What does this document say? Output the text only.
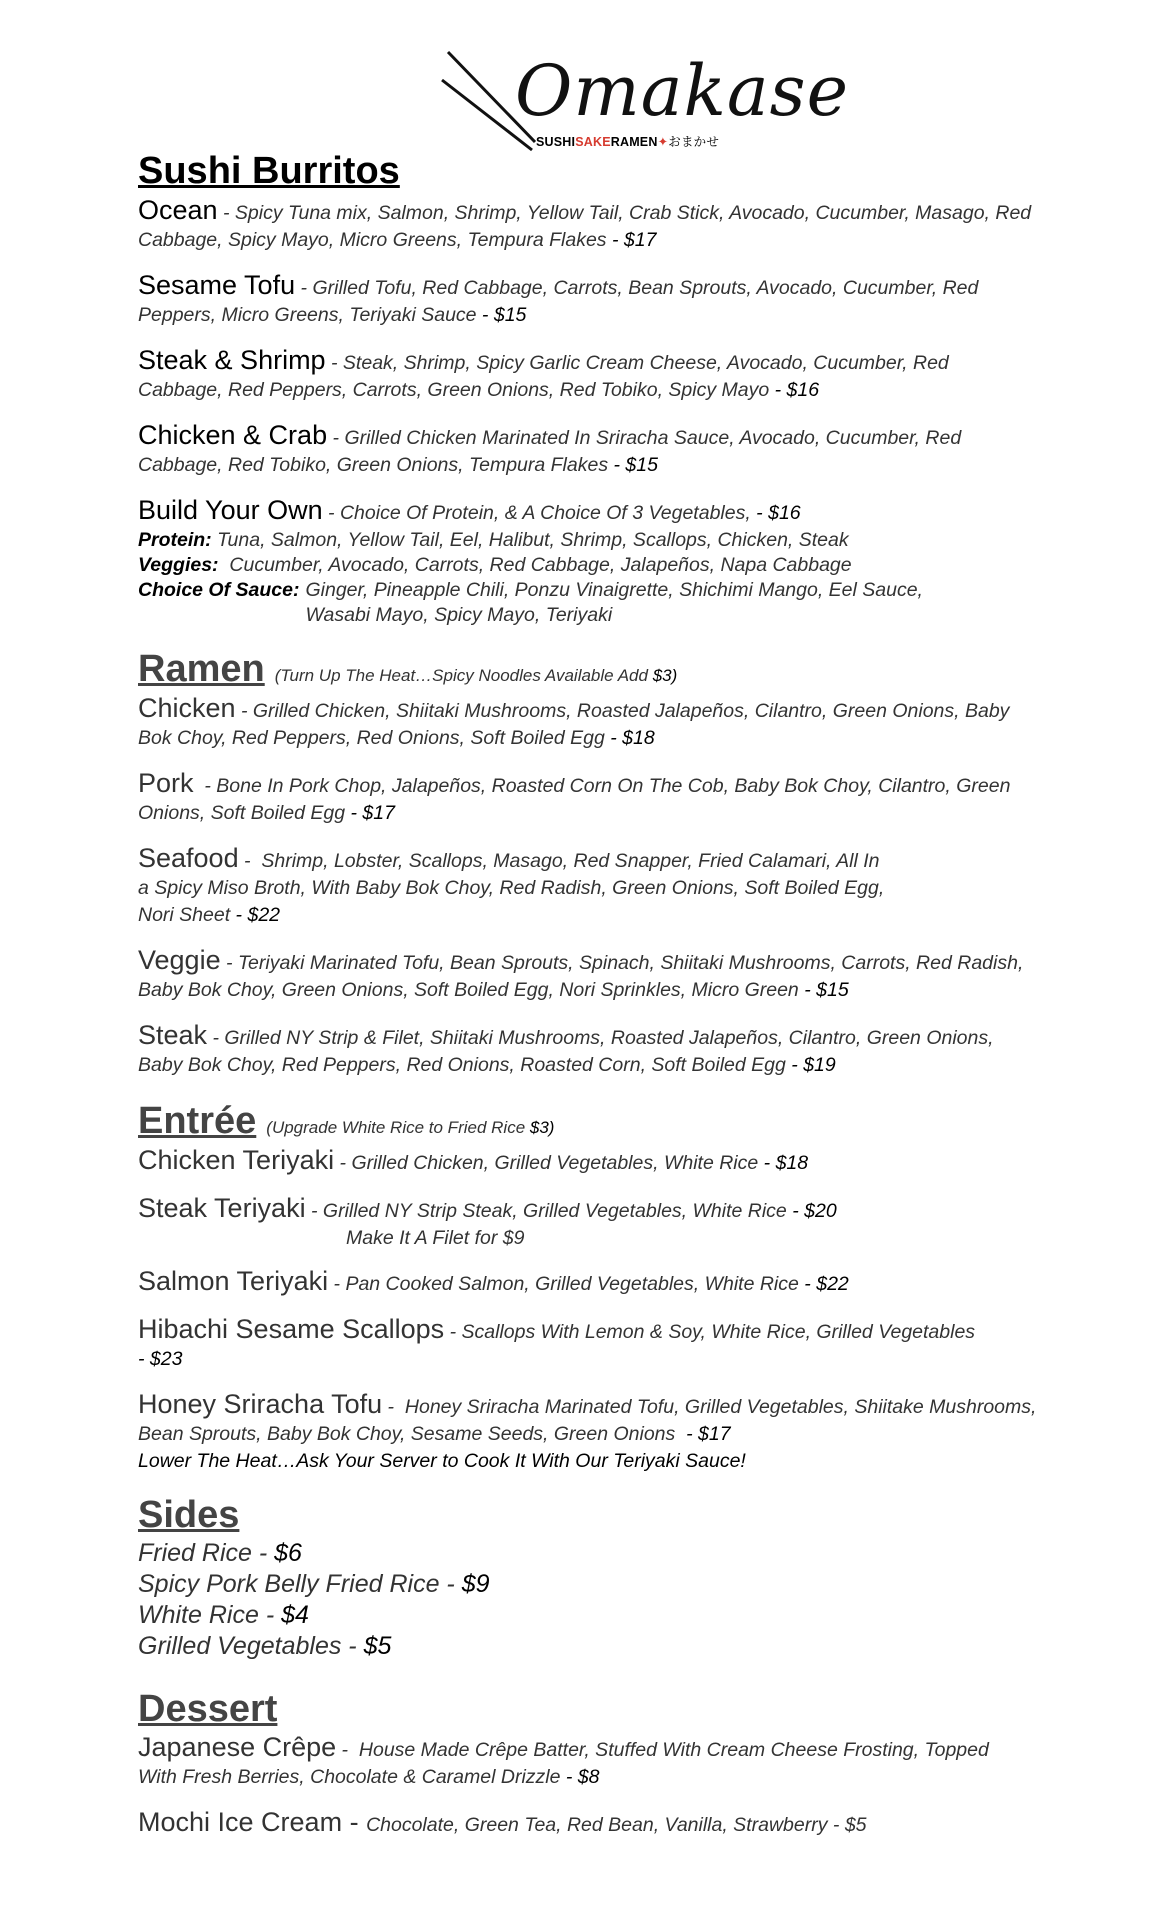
Omakase
SUSHISAKERAMEN✦おまかせ
Sushi Burritos
Ocean - Spicy Tuna mix, Salmon, Shrimp, Yellow Tail, Crab Stick, Avocado, Cucumber, Masago, Red Cabbage, Spicy Mayo, Micro Greens, Tempura Flakes - $17
Sesame Tofu - Grilled Tofu, Red Cabbage, Carrots, Bean Sprouts, Avocado, Cucumber, Red Peppers, Micro Greens, Teriyaki Sauce - $15
Steak & Shrimp - Steak, Shrimp, Spicy Garlic Cream Cheese, Avocado, Cucumber, Red Cabbage, Red Peppers, Carrots, Green Onions, Red Tobiko, Spicy Mayo - $16
Chicken & Crab - Grilled Chicken Marinated In Sriracha Sauce, Avocado, Cucumber, Red Cabbage, Red Tobiko, Green Onions, Tempura Flakes - $15
Build Your Own - Choice Of Protein, & A Choice Of 3 Vegetables, - $16
Protein: Tuna, Salmon, Yellow Tail, Eel, Halibut, Shrimp, Scallops, Chicken, Steak
Veggies: Cucumber, Avocado, Carrots, Red Cabbage, Jalapeños, Napa Cabbage
Choice Of Sauce: Ginger, Pineapple Chili, Ponzu Vinaigrette, Shichimi Mango, Eel Sauce,
Wasabi Mayo, Spicy Mayo, Teriyaki
Ramen (Turn Up The Heat…Spicy Noodles Available Add $3)
Chicken - Grilled Chicken, Shiitaki Mushrooms, Roasted Jalapeños, Cilantro, Green Onions, Baby Bok Choy, Red Peppers, Red Onions, Soft Boiled Egg - $18
Pork  - Bone In Pork Chop, Jalapeños, Roasted Corn On The Cob, Baby Bok Choy, Cilantro, Green Onions, Soft Boiled Egg - $17
Seafood -  Shrimp, Lobster, Scallops, Masago, Red Snapper, Fried Calamari, All In a Spicy Miso Broth, With Baby Bok Choy, Red Radish, Green Onions, Soft Boiled Egg,
Nori Sheet - $22
Veggie - Teriyaki Marinated Tofu, Bean Sprouts, Spinach, Shiitaki Mushrooms, Carrots, Red Radish, Baby Bok Choy, Green Onions, Soft Boiled Egg, Nori Sprinkles, Micro Green - $15
Steak - Grilled NY Strip & Filet, Shiitaki Mushrooms, Roasted Jalapeños, Cilantro, Green Onions, Baby Bok Choy, Red Peppers, Red Onions, Roasted Corn, Soft Boiled Egg - $19
Entrée (Upgrade White Rice to Fried Rice $3)
Chicken Teriyaki - Grilled Chicken, Grilled Vegetables, White Rice - $18
Steak Teriyaki - Grilled NY Strip Steak, Grilled Vegetables, White Rice - $20
Make It A Filet for $9
Salmon Teriyaki - Pan Cooked Salmon, Grilled Vegetables, White Rice - $22
Hibachi Sesame Scallops - Scallops With Lemon & Soy, White Rice, Grilled Vegetables - $23
Honey Sriracha Tofu -  Honey Sriracha Marinated Tofu, Grilled Vegetables, Shiitake Mushrooms, Bean Sprouts, Baby Bok Choy, Sesame Seeds, Green Onions  - $17
Lower The Heat…Ask Your Server to Cook It With Our Teriyaki Sauce!
Sides
Fried Rice - $6
Spicy Pork Belly Fried Rice - $9
White Rice - $4
Grilled Vegetables - $5
Dessert
Japanese Crêpe -  House Made Crêpe Batter, Stuffed With Cream Cheese Frosting, Topped With Fresh Berries, Chocolate & Caramel Drizzle - $8
Mochi Ice Cream - Chocolate, Green Tea, Red Bean, Vanilla, Strawberry - $5
